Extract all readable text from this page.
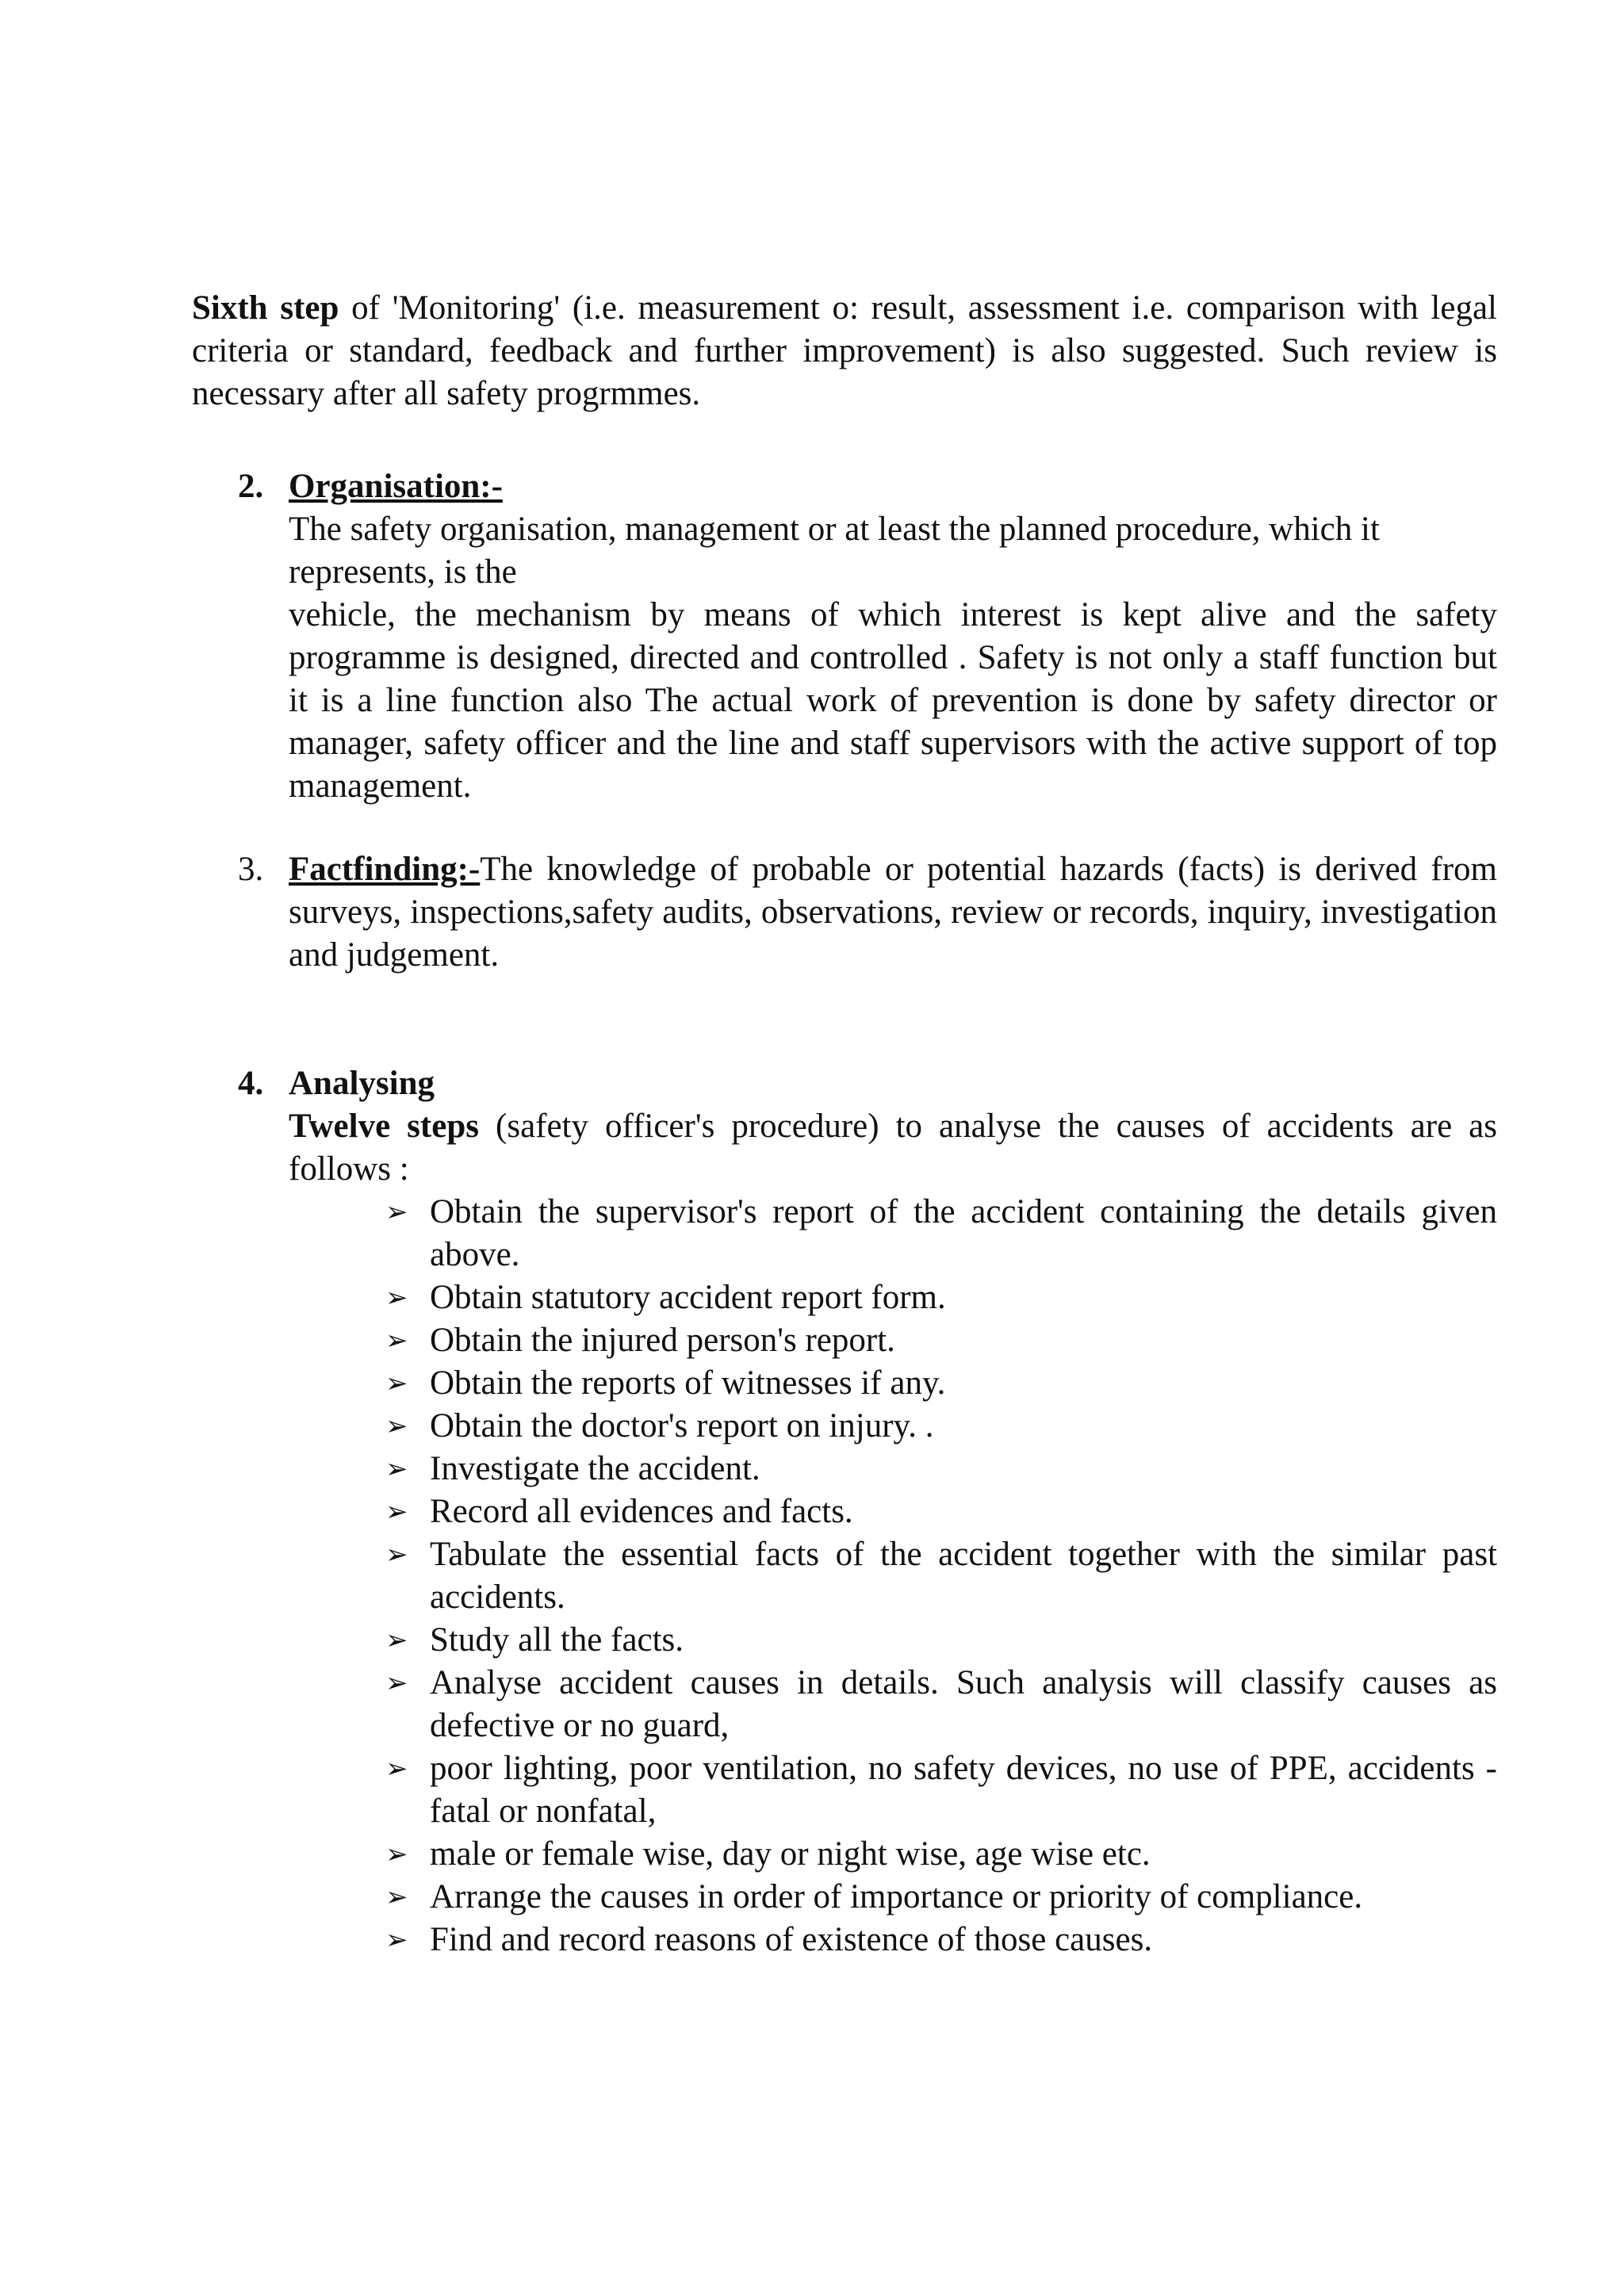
Sixth step of 'Monitoring' (i.e. measurement o: result, assessment i.e. comparison with legal criteria or standard, feedback and further improvement) is also suggested. Such review is necessary after all safety progrmmes.

2. Organisation:-

The safety organisation, management or at least the planned procedure, which it represents, is the

vehicle, the mechanism by means of which interest is kept alive and the safety programme is designed, directed and controlled . Safety is not only a staff function but it is a line function also The actual work of prevention is done by safety director or manager, safety officer and the line and staff supervisors with the active support of top management.

3. Factfinding:-The knowledge of probable or potential hazards (facts) is derived from surveys, inspections,safety audits, observations, review or records, inquiry, investigation and judgement.

4. Analysing

Twelve steps (safety officer's procedure) to analyse the causes of accidents are as follows :

➢ Obtain the supervisor's report of the accident containing the details given above.
➢ Obtain statutory accident report form.
➢ Obtain the injured person's report.
➢ Obtain the reports of witnesses if any.
➢ Obtain the doctor's report on injury. .
➢ Investigate the accident.
➢ Record all evidences and facts.
➢ Tabulate the essential facts of the accident together with the similar past accidents.
➢ Study all the facts.
➢ Analyse accident causes in details. Such analysis will classify causes as defective or no guard,
➢ poor lighting, poor ventilation, no safety devices, no use of PPE, accidents - fatal or nonfatal,
➢ male or female wise, day or night wise, age wise etc.
➢ Arrange the causes in order of importance or priority of compliance.
➢ Find and record reasons of existence of those causes.
